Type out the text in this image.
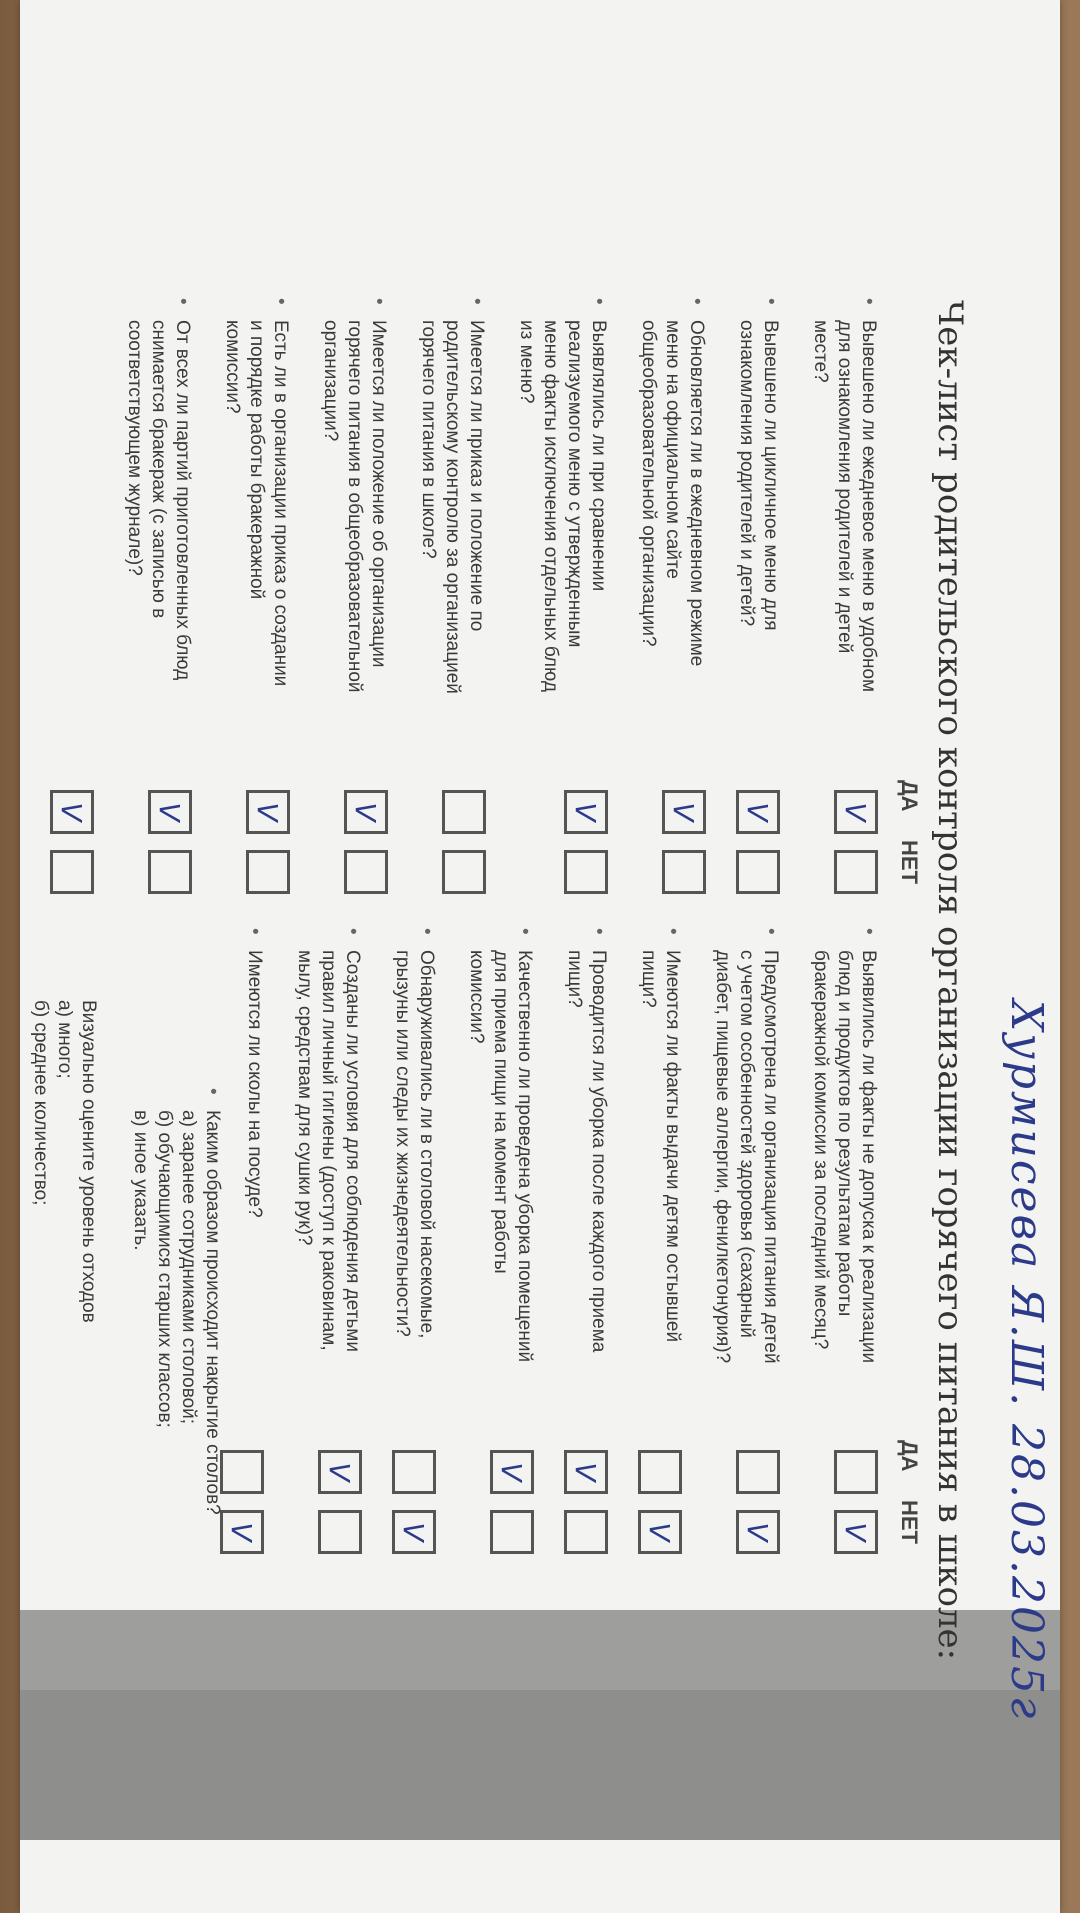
Хурмисева Я.Ш. 28.03.2025г
Чек-лист родительского контроля организации горячего питания в школе:
ДА
НЕТ
ДА
НЕТ
•
Вывешено ли ежедневое меню в удобном
для ознакомления родителей и детей
месте?
V
•
Вывешено ли цикличное меню для
ознакомления родителей и детей?
V
•
Обновляется ли в ежедневном режиме
меню на официальном сайте
общеобразовательной организации?
V
•
Выявлялись ли при сравнении
реализуемого меню с утвержденным
меню факты исключения отдельных блюд
из меню?
V
•
Имеется ли приказ и положение по
родительскому контролю за организацией
горячего питания в школе?
•
Имеется ли положение об организации
горячего питания в общеобразовательной
организации?
V
•
Есть ли в организации приказ о создании
и порядке работы бракеражной
комиссии?
V
•
От всех ли партий приготовленных блюд
снимается бракераж (с записью в
соответствующем журнале)?
V
V
•
Выявились ли факты не допуска к реализации
блюд и продуктов по результатам работы
бракеражной комиссии за последний месяц?
V
•
Предусмотрена ли организация питания детей
с учетом особенностей здоровья (сахарный
диабет, пищевые аллергии, фенилкетонурия)?
V
•
Имеются ли факты выдачи детям остывшей
пищи?
V
•
Проводится ли уборка после каждого приема
пищи?
V
•
Качественно ли проведена уборка помещений
для приема пищи на момент работы
комиссии?
V
•
Обнаруживались ли в столовой насекомые,
грызуны или следы их жизнедеятельности?
V
•
Созданы ли условия для соблюдения детьми
правил личный гигиены (доступ к раковинам,
мылу, средствам для сушки рук)?
V
•
Имеются ли сколы на посуде?
V
•
Каким образом происходит накрытие столов?
а) заранее сотрудниками столовой;
б) обучающимися старших классов;
в) иное указать.
Визуально оцените уровень отходов
а) много;
б) среднее количество;
